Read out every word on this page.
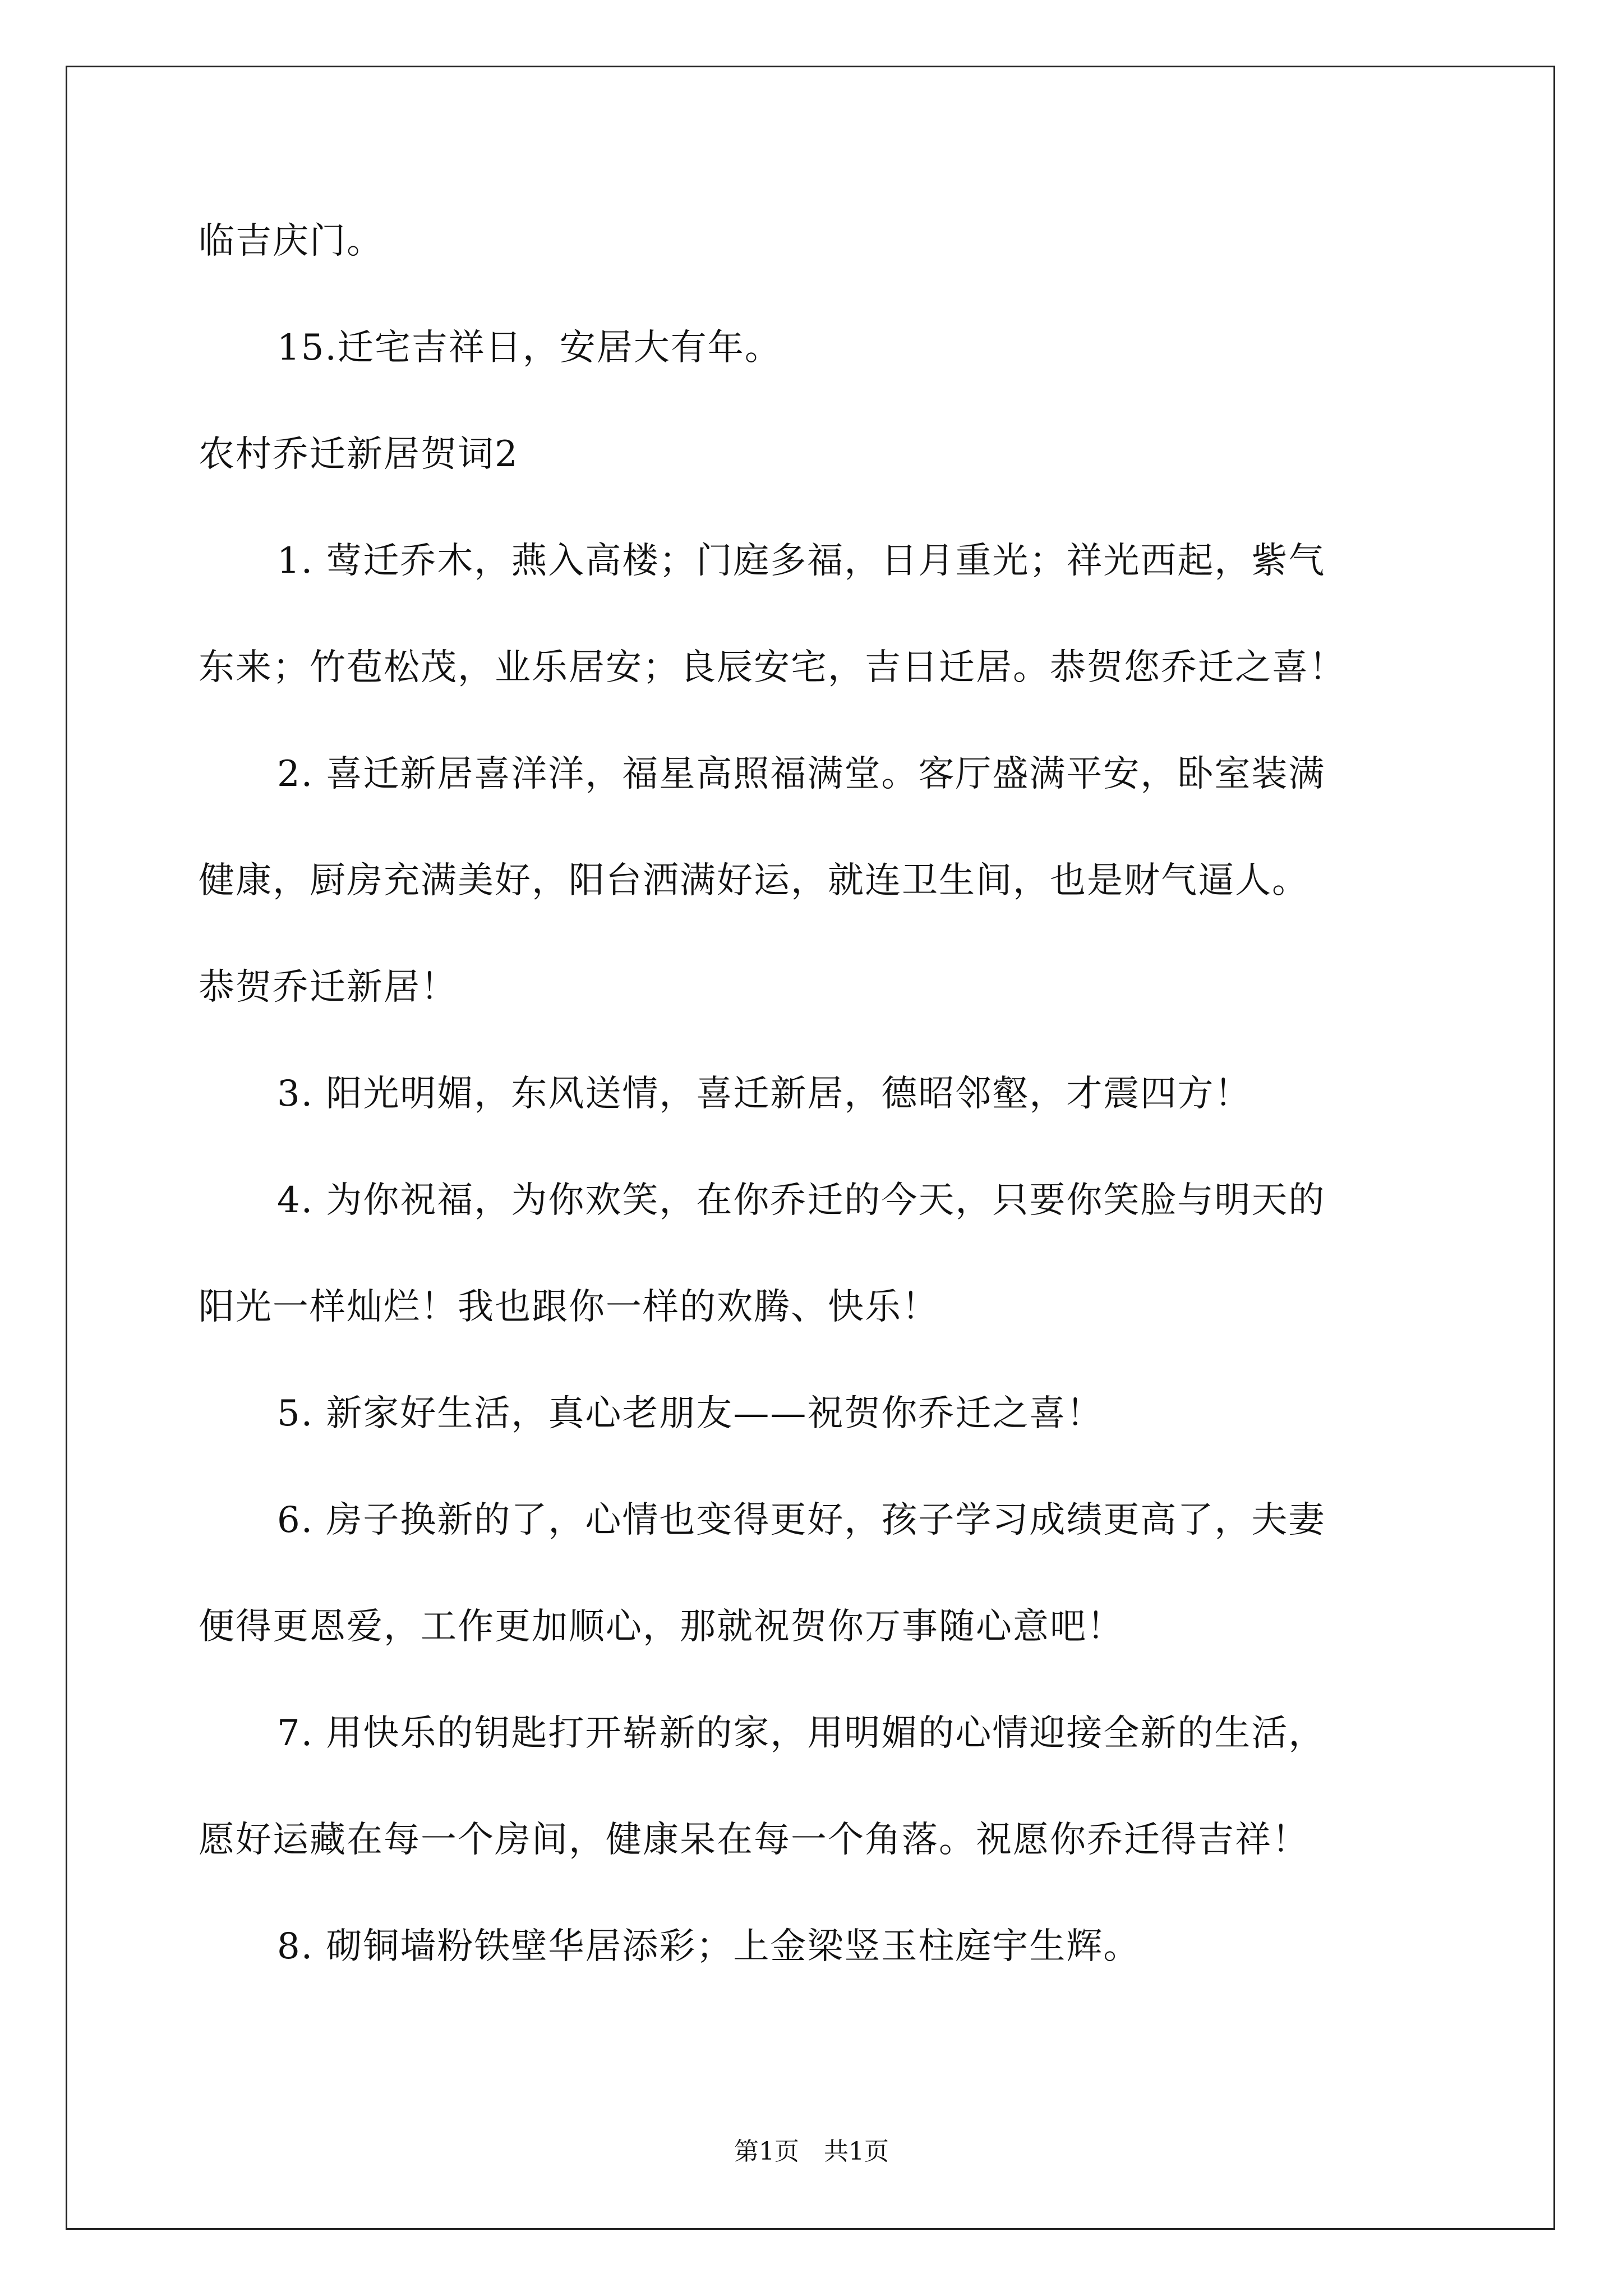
临吉庆门。
15.迁宅吉祥日，安居大有年。
农村乔迁新居贺词2
1. 莺迁乔木，燕入高楼；门庭多福，日月重光；祥光西起，紫气
东来；竹苞松茂，业乐居安；良辰安宅，吉日迁居。恭贺您乔迁之喜！
2. 喜迁新居喜洋洋，福星高照福满堂。客厅盛满平安，卧室装满
健康，厨房充满美好，阳台洒满好运，就连卫生间，也是财气逼人。
恭贺乔迁新居！
3. 阳光明媚，东风送情，喜迁新居，德昭邻壑，才震四方！
4. 为你祝福，为你欢笑，在你乔迁的今天，只要你笑脸与明天的
阳光一样灿烂！我也跟你一样的欢腾、快乐！
5. 新家好生活，真心老朋友——祝贺你乔迁之喜！
6. 房子换新的了，心情也变得更好，孩子学习成绩更高了，夫妻
便得更恩爱，工作更加顺心，那就祝贺你万事随心意吧！
7. 用快乐的钥匙打开崭新的家，用明媚的心情迎接全新的生活，
愿好运藏在每一个房间，健康呆在每一个角落。祝愿你乔迁得吉祥！
8. 砌铜墙粉铁壁华居添彩；上金梁竖玉柱庭宇生辉。
第1页　共1页
